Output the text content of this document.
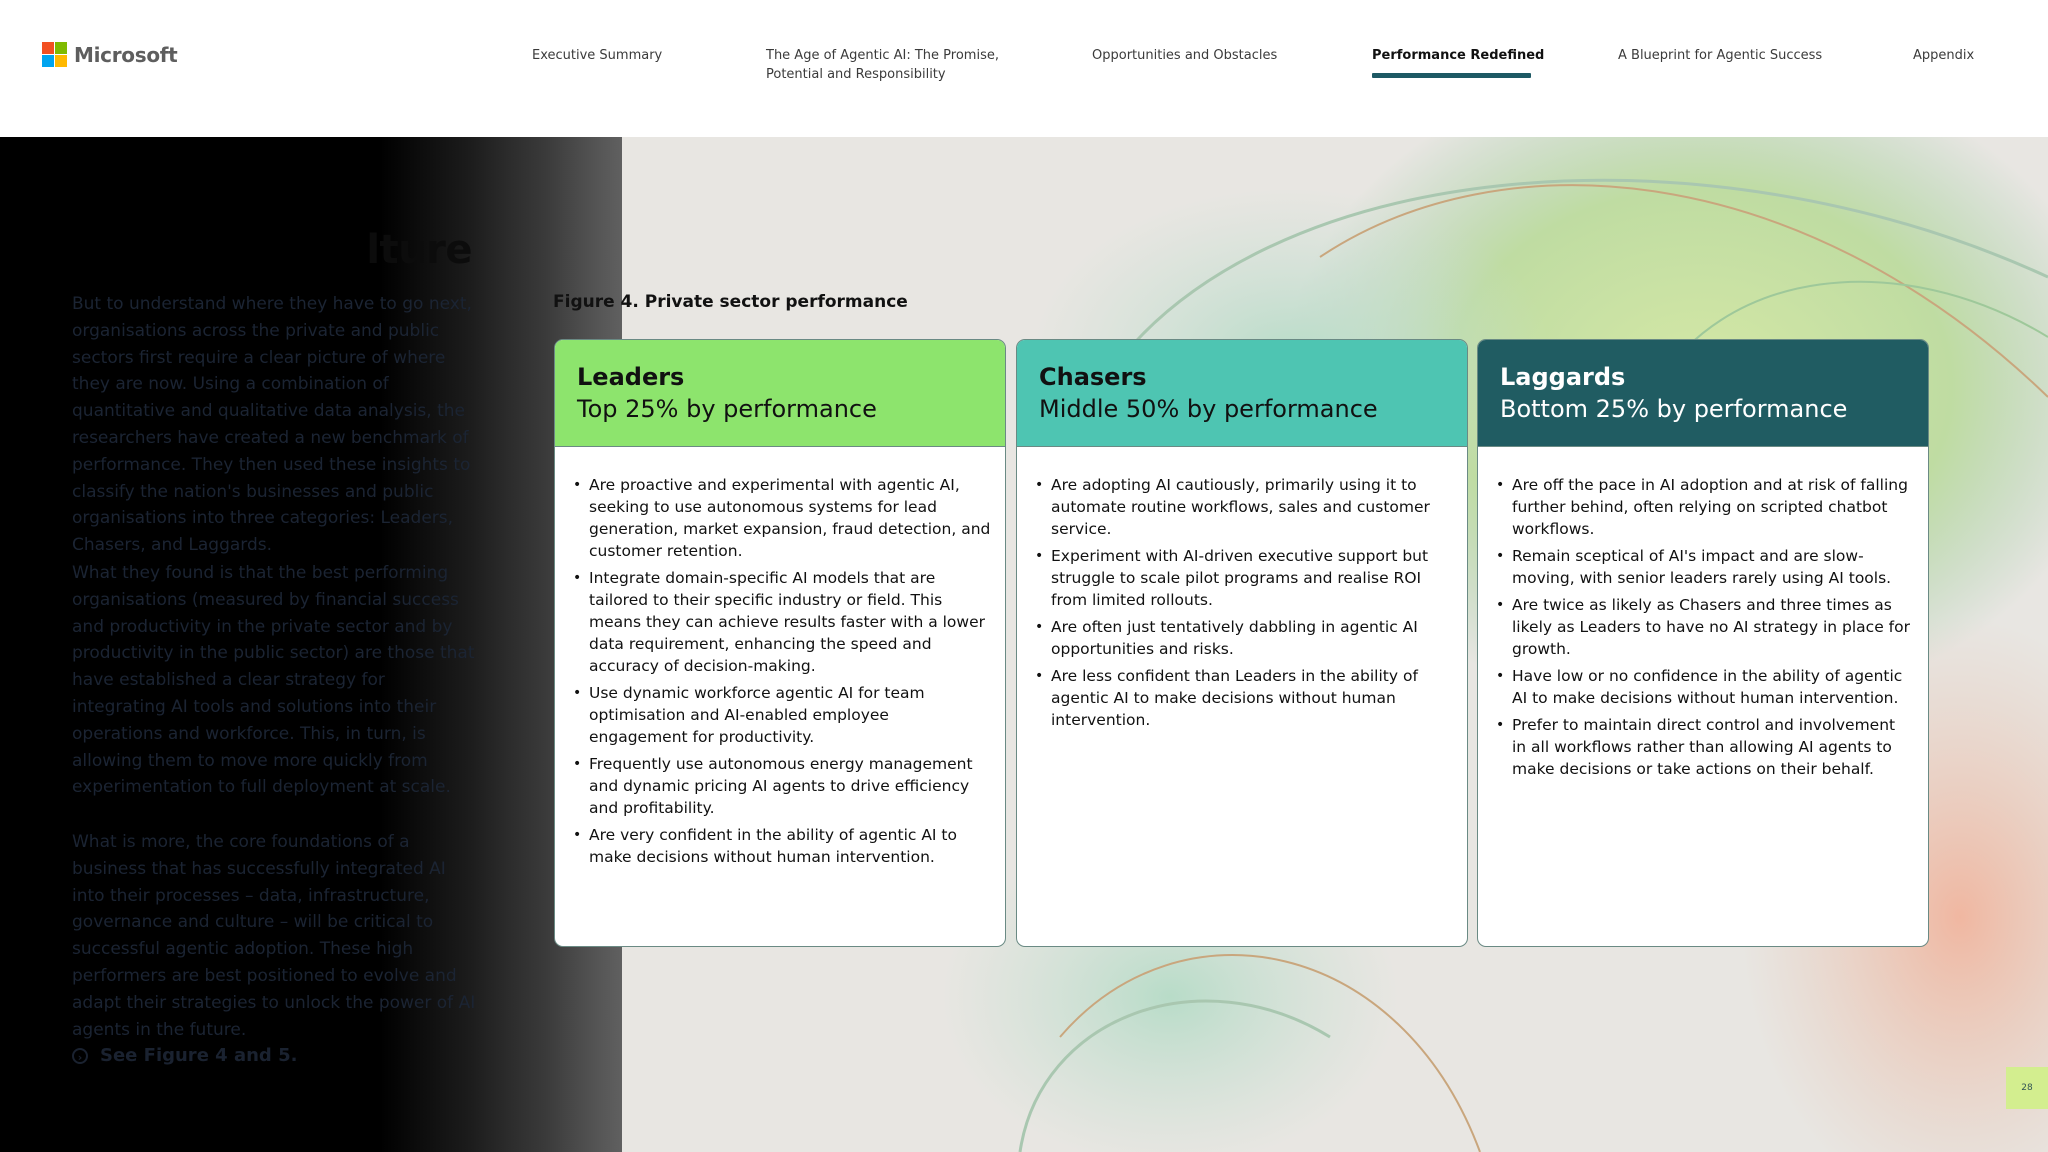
Microsoft	Executive Summary	The Age of Agentic AI: The Promise,
Potential and Responsibility
Opportunities and Obstacles	Performance Redefined	A Blueprint for Agentic Success	Appendix
lture
But to understand where they have to go next, organisations across the private and public sectors first require a clear picture of where they are now. Using a combination of quantitative and qualitative data analysis, the researchers have created a new benchmark of performance. They then used these insights to classify the nation's businesses and public organisations into three categories: Leaders, Chasers, and Laggards.
What they found is that the best performing organisations (measured by financial success and productivity in the private sector and by productivity in the public sector) are those that have established a clear strategy for integrating AI tools and solutions into their operations and workforce. This, in turn, is allowing them to move more quickly from experimentation to full deployment at scale.
What is more, the core foundations of a business that has successfully integrated AI into their processes – data, infrastructure, governance and culture – will be critical to successful agentic adoption. These high performers are best positioned to evolve and adapt their strategies to unlock the power of AI agents in the future.
› See Figure 4 and 5.
Figure 4. Private sector performance
Leaders
Top 25% by performance
• Are proactive and experimental with agentic AI, seeking to use autonomous systems for lead generation, market expansion, fraud detection, and customer retention.
• Integrate domain-specific AI models that are tailored to their specific industry or field. This means they can achieve results faster with a lower data requirement, enhancing the speed and accuracy of decision-making.
• Use dynamic workforce agentic AI for team optimisation and AI-enabled employee engagement for productivity.
• Frequently use autonomous energy management and dynamic pricing AI agents to drive efficiency and profitability.
• Are very confident in the ability of agentic AI to make decisions without human intervention.
Chasers
Middle 50% by performance
• Are adopting AI cautiously, primarily using it to automate routine workflows, sales and customer service.
• Experiment with AI-driven executive support but struggle to scale pilot programs and realise ROI from limited rollouts.
• Are often just tentatively dabbling in agentic AI opportunities and risks.
• Are less confident than Leaders in the ability of agentic AI to make decisions without human intervention.
Laggards
Bottom 25% by performance
• Are off the pace in AI adoption and at risk of falling further behind, often relying on scripted chatbot workflows.
• Remain sceptical of AI's impact and are slow-moving, with senior leaders rarely using AI tools.
• Are twice as likely as Chasers and three times as likely as Leaders to have no AI strategy in place for growth.
• Have low or no confidence in the ability of agentic AI to make decisions without human intervention.
• Prefer to maintain direct control and involvement in all workflows rather than allowing AI agents to make decisions or take actions on their behalf.
28
